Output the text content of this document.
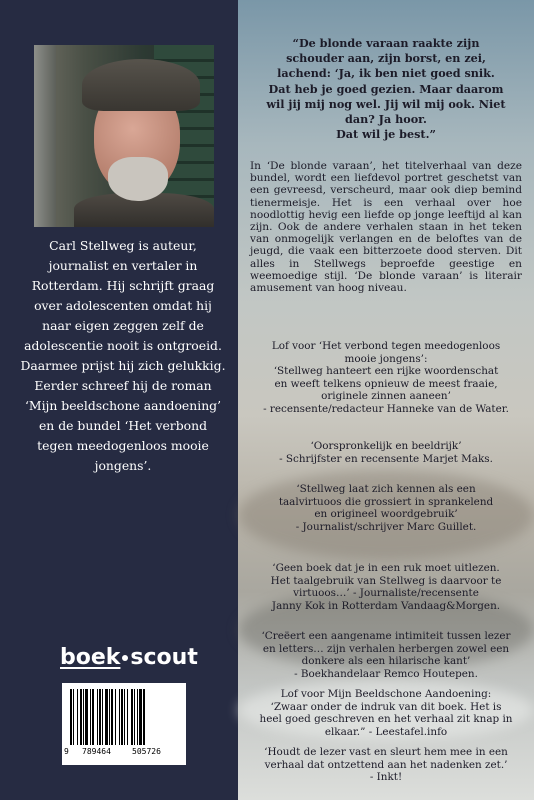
Carl Stellweg is auteur, journalist en vertaler in Rotterdam. Hij schrijft graag over adolescenten omdat hij naar eigen zeggen zelf de adolescentie nooit is ontgroeid. Daarmee prijst hij zich gelukkig. Eerder schreef hij de roman ‘Mijn beeldschone aandoening’ en de bundel ‘Het verbond tegen meedogenloos mooie jongens’.

boek scout
9 789464	505726

“De blonde varaan raakte zijn
schouder aan, zijn borst, en zei,
lachend: ‘Ja, ik ben niet goed snik.
Dat heb je goed gezien. Maar daarom
wil jij mij nog wel. Jij wil mij ook. Niet
dan? Ja hoor.
Dat wil je best.”

In ‘De blonde varaan’, het titelverhaal van deze bundel, wordt een liefdevol portret geschetst van een gevreesd, verscheurd, maar ook diep bemind tienermeisje. Het is een verhaal over hoe noodlottig hevig een liefde op jonge leeftijd al kan zijn. Ook de andere verhalen staan in het teken van onmogelijk verlangen en de beloftes van de jeugd, die vaak een bitterzoete dood sterven. Dit alles in Stellwegs beproefde geestige en weemoedige stijl. ‘De blonde varaan’ is literair amusement van hoog niveau.

Lof voor ‘Het verbond tegen meedogenloos
mooie jongens’:
‘Stellweg hanteert een rijke woordenschat
en weeft telkens opnieuw de meest fraaie,
originele zinnen aaneen’
- recensente/redacteur Hanneke van de Water.

‘Oorspronkelijk en beeldrijk’
- Schrijfster en recensente Marjet Maks.

‘Stellweg laat zich kennen als een
taalvirtuoos die grossiert in sprankelend
en origineel woordgebruik’
- Journalist/schrijver Marc Guillet.

‘Geen boek dat je in een ruk moet uitlezen.
Het taalgebruik van Stellweg is daarvoor te
virtuoos…’ - Journaliste/recensente
Janny Kok in Rotterdam Vandaag&Morgen.

‘Creëert een aangename intimiteit tussen lezer
en letters… zijn verhalen herbergen zowel een
donkere als een hilarische kant’
- Boekhandelaar Remco Houtepen.

Lof voor Mijn Beeldschone Aandoening:
‘Zwaar onder de indruk van dit boek. Het is
heel goed geschreven en het verhaal zit knap in
elkaar.” - Leestafel.info

‘Houdt de lezer vast en sleurt hem mee in een
verhaal dat ontzettend aan het nadenken zet.’
- Inkt!
